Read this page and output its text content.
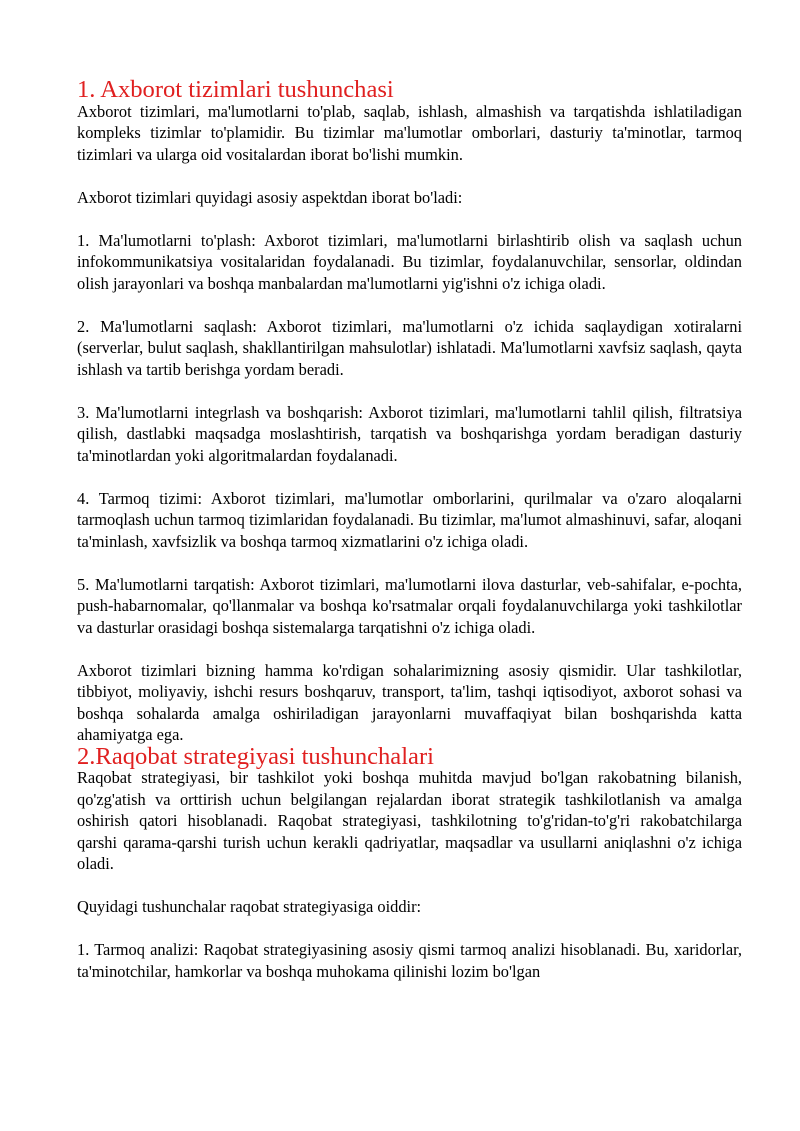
1. Axborot tizimlari tushunchasi

Axborot tizimlari, ma'lumotlarni to'plab, saqlab, ishlash, almashish va tarqatishda ishlatiladigan kompleks tizimlar to'plamidir. Bu tizimlar ma'lumotlar omborlari, dasturiy ta'minotlar, tarmoq tizimlari va ularga oid vositalardan iborat bo'lishi mumkin.

Axborot tizimlari quyidagi asosiy aspektdan iborat bo'ladi:

1. Ma'lumotlarni to'plash: Axborot tizimlari, ma'lumotlarni birlashtirib olish va saqlash uchun infokommunikatsiya vositalaridan foydalanadi. Bu tizimlar, foydalanuvchilar, sensorlar, oldindan olish jarayonlari va boshqa manbalardan ma'lumotlarni yig'ishni o'z ichiga oladi.

2. Ma'lumotlarni saqlash: Axborot tizimlari, ma'lumotlarni o'z ichida saqlaydigan xotiralarni (serverlar, bulut saqlash, shakllantirilgan mahsulotlar) ishlatadi. Ma'lumotlarni xavfsiz saqlash, qayta ishlash va tartib berishga yordam beradi.

3. Ma'lumotlarni integrlash va boshqarish: Axborot tizimlari, ma'lumotlarni tahlil qilish, filtratsiya qilish, dastlabki maqsadga moslashtirish, tarqatish va boshqarishga yordam beradigan dasturiy ta'minotlardan yoki algoritmalardan foydalanadi.

4. Tarmoq tizimi: Axborot tizimlari, ma'lumotlar omborlarini, qurilmalar va o'zaro aloqalarni tarmoqlash uchun tarmoq tizimlaridan foydalanadi. Bu tizimlar, ma'lumot almashinuvi, safar, aloqani ta'minlash, xavfsizlik va boshqa tarmoq xizmatlarini o'z ichiga oladi.

5. Ma'lumotlarni tarqatish: Axborot tizimlari, ma'lumotlarni ilova dasturlar, veb-sahifalar, e-pochta, push-habarnomalar, qo'llanmalar va boshqa ko'rsatmalar orqali foydalanuvchilarga yoki tashkilotlar va dasturlar orasidagi boshqa sistemalarga tarqatishni o'z ichiga oladi.

Axborot tizimlari bizning hamma ko'rdigan sohalarimizning asosiy qismidir. Ular tashkilotlar, tibbiyot, moliyaviy, ishchi resurs boshqaruv, transport, ta'lim, tashqi iqtisodiyot, axborot sohasi va boshqa sohalarda amalga oshiriladigan jarayonlarni muvaffaqiyat bilan boshqarishda katta ahamiyatga ega.

2.Raqobat strategiyasi tushunchalari

Raqobat strategiyasi, bir tashkilot yoki boshqa muhitda mavjud bo'lgan rakobatning bilanish, qo'zg'atish va orttirish uchun belgilangan rejalardan iborat strategik tashkilotlanish va amalga oshirish qatori hisoblanadi. Raqobat strategiyasi, tashkilotning to'g'ridan-to'g'ri rakobatchilarga qarshi qarama-qarshi turish uchun kerakli qadriyatlar, maqsadlar va usullarni aniqlashni o'z ichiga oladi.

Quyidagi tushunchalar raqobat strategiyasiga oiddir:

1. Tarmoq analizi: Raqobat strategiyasining asosiy qismi tarmoq analizi hisoblanadi. Bu, xaridorlar, ta'minotchilar, hamkorlar va boshqa muhokama qilinishi lozim bo'lgan
